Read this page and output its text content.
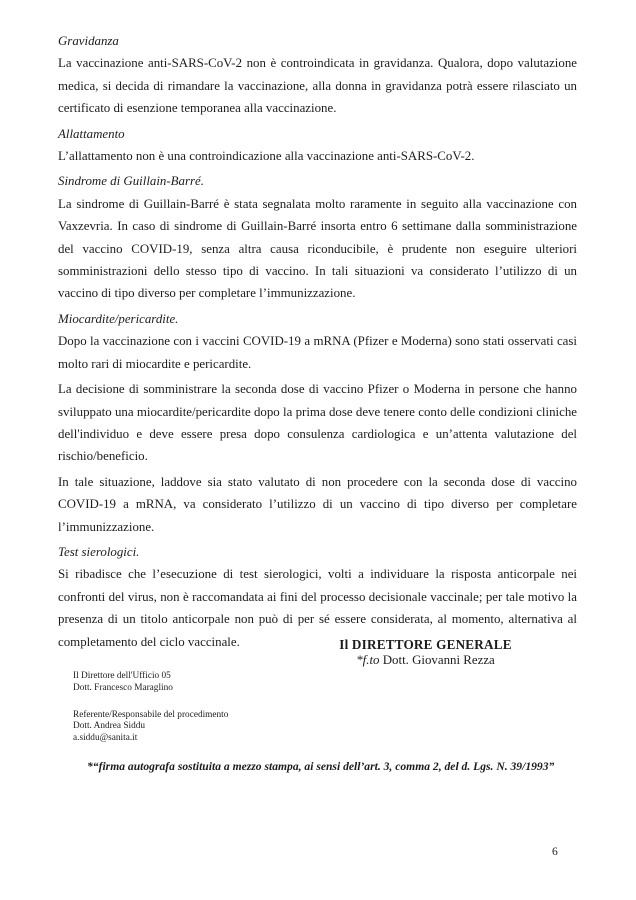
Gravidanza

La vaccinazione anti-SARS-CoV-2 non è controindicata in gravidanza. Qualora, dopo valutazione medica, si decida di rimandare la vaccinazione, alla donna in gravidanza potrà essere rilasciato un certificato di esenzione temporanea alla vaccinazione.

Allattamento

L’allattamento non è una controindicazione alla vaccinazione anti-SARS-CoV-2.

Sindrome di Guillain-Barré.

La sindrome di Guillain-Barré è stata segnalata molto raramente in seguito alla vaccinazione con Vaxzevria. In caso di sindrome di Guillain-Barré insorta entro 6 settimane dalla somministrazione del vaccino COVID-19, senza altra causa riconducibile, è prudente non eseguire ulteriori somministrazioni dello stesso tipo di vaccino. In tali situazioni va considerato l’utilizzo di un vaccino di tipo diverso per completare l’immunizzazione.

Miocardite/pericardite.

Dopo la vaccinazione con i vaccini COVID-19 a mRNA (Pfizer e Moderna) sono stati osservati casi molto rari di miocardite e pericardite.

La decisione di somministrare la seconda dose di vaccino Pfizer o Moderna in persone che hanno sviluppato una miocardite/pericardite dopo la prima dose deve tenere conto delle condizioni cliniche dell'individuo e deve essere presa dopo consulenza cardiologica e un’attenta valutazione del rischio/beneficio.

In tale situazione, laddove sia stato valutato di non procedere con la seconda dose di vaccino COVID-19 a mRNA, va considerato l’utilizzo di un vaccino di tipo diverso per completare l’immunizzazione.

Test sierologici.

Si ribadisce che l’esecuzione di test sierologici, volti a individuare la risposta anticorpale nei confronti del virus, non è raccomandata ai fini del processo decisionale vaccinale; per tale motivo la presenza di un titolo anticorpale non può di per sé essere considerata, al momento, alternativa al completamento del ciclo vaccinale.	Il DIRETTORE GENERALE
*f.to Dott. Giovanni Rezza
Il Direttore dell'Ufficio 05
Dott. Francesco Maraglino
Referente/Responsabile del procedimento
Dott. Andrea Siddu
a.siddu@sanita.it
*“firma autografa sostituita a mezzo stampa, ai sensi dell’art. 3, comma 2, del d. Lgs. N. 39/1993”
6
